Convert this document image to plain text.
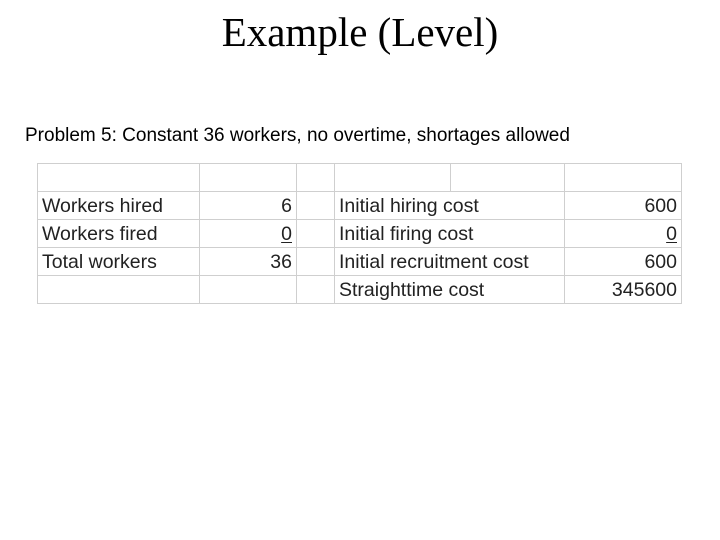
Example (Level)
Problem 5: Constant 36 workers, no overtime, shortages allowed

Workers hired	6		Initial hiring cost	600
Workers fired	0		Initial firing cost	0
Total workers	36		Initial recruitment cost	600
			Straighttime cost	345600
